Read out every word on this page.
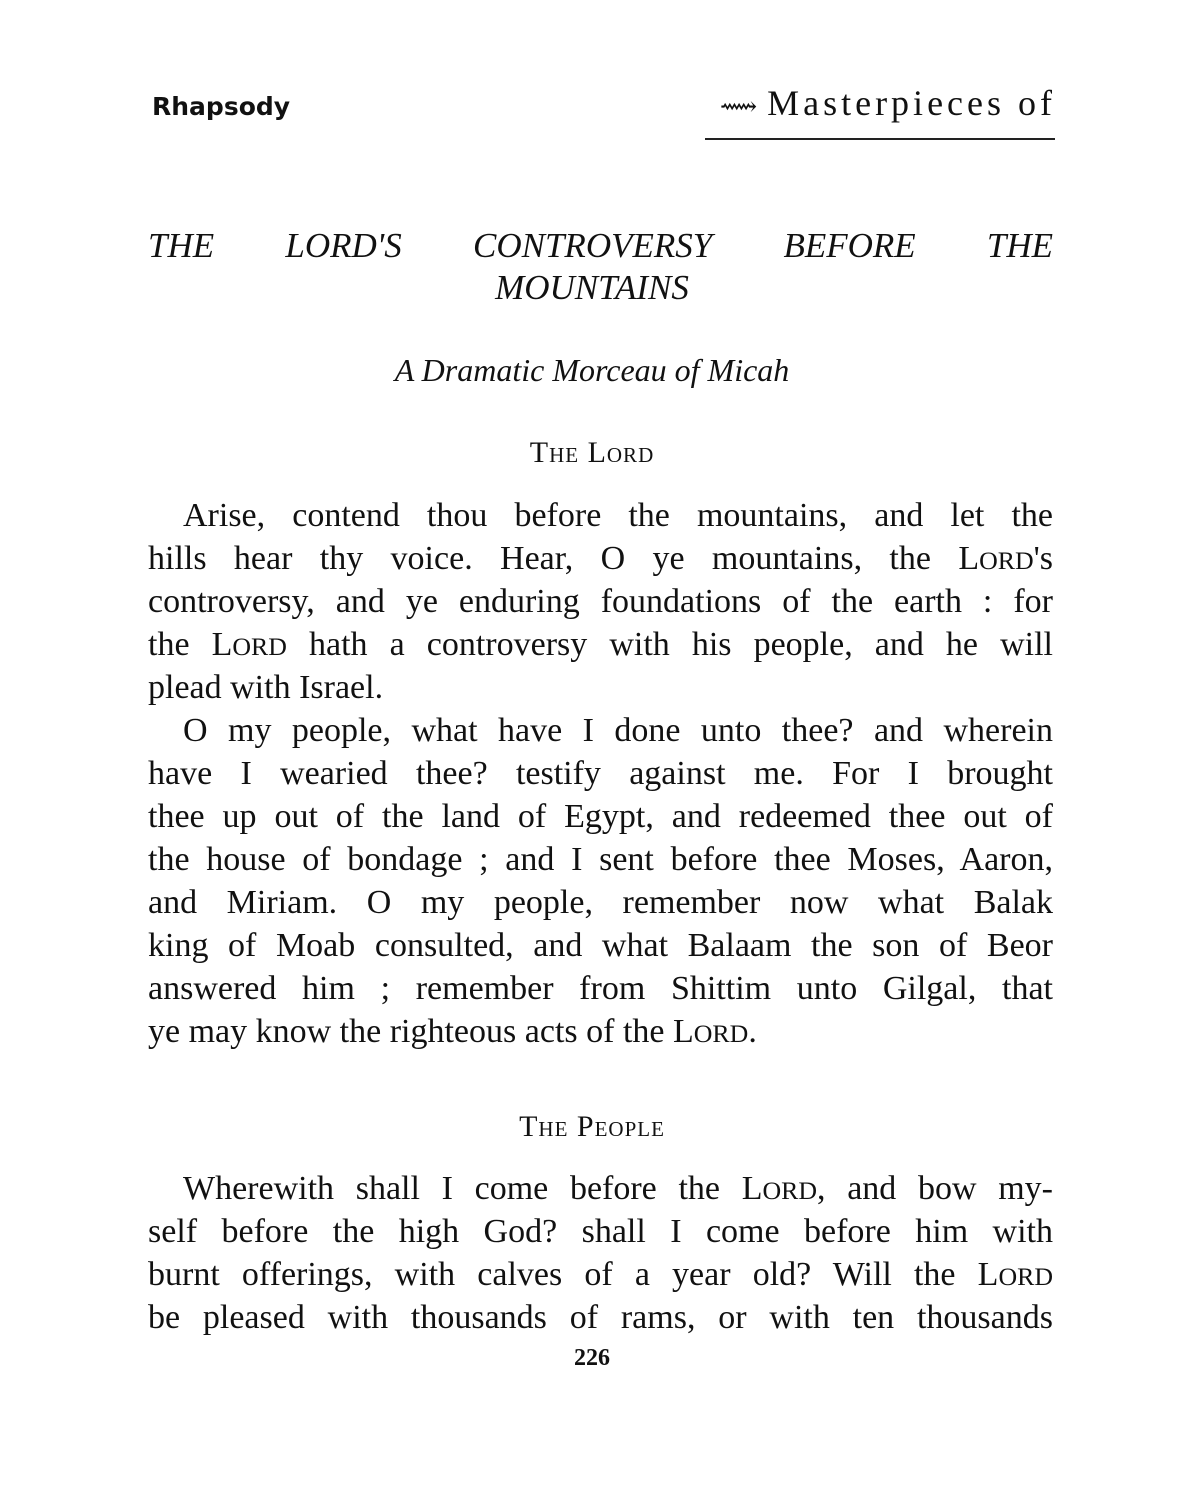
Rhapsody	⟿ Masterpieces of
THE LORD'S CONTROVERSY BEFORE THE
MOUNTAINS
A Dramatic Morceau of Micah
The Lord
Arise, contend thou before the mountains, and let the
hills hear thy voice. Hear, O ye mountains, the LORD's
controversy, and ye enduring foundations of the earth : for
the LORD hath a controversy with his people, and he will
plead with Israel.
O my people, what have I done unto thee? and wherein
have I wearied thee? testify against me. For I brought
thee up out of the land of Egypt, and redeemed thee out of
the house of bondage ; and I sent before thee Moses, Aaron,
and Miriam. O my people, remember now what Balak
king of Moab consulted, and what Balaam the son of Beor
answered him ; remember from Shittim unto Gilgal, that
ye may know the righteous acts of the LORD.
The People
Wherewith shall I come before the LORD, and bow my-
self before the high God? shall I come before him with
burnt offerings, with calves of a year old? Will the LORD
be pleased with thousands of rams, or with ten thousands
226
